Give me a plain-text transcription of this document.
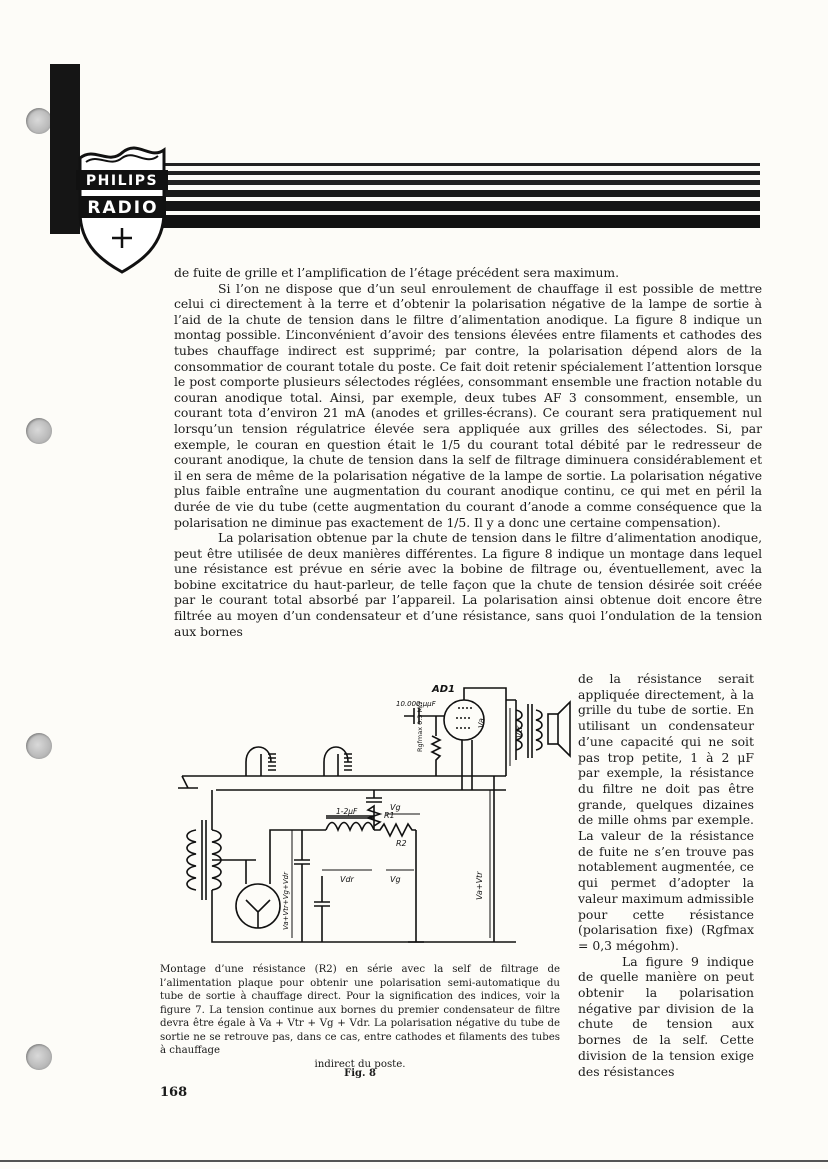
PHILIPS
RADIO

de fuite de grille et l’amplification de l’étage précédent sera maximum.

Si l’on ne dispose que d’un seul enroulement de chauffage il est possible de mettre celui ci directement à la terre et d’obtenir la polarisation négative de la lampe de sortie à l’aid de la chute de tension dans le filtre d’alimentation anodique. La figure 8 indique un montag possible. L’inconvénient d’avoir des tensions élevées entre filaments et cathodes des tubes chauffage indirect est supprimé; par contre, la polarisation dépend alors de la consommatior de courant totale du poste. Ce fait doit retenir spécialement l’attention lorsque le post comporte plusieurs sélectodes réglées, consommant ensemble une fraction notable du couran anodique total. Ainsi, par exemple, deux tubes AF 3 consomment, ensemble, un courant tota d’environ 21 mA (anodes et grilles-écrans). Ce courant sera pratiquement nul lorsqu’un tension régulatrice élevée sera appliquée aux grilles des sélectodes. Si, par exemple, le couran en question était le 1/5 du courant total débité par le redresseur de courant anodique, la chute de tension dans la self de filtrage diminuera considérablement et il en sera de même de la polarisation négative de la lampe de sortie. La polarisation négative plus faible entraîne une augmentation du courant anodique continu, ce qui met en péril la durée de vie du tube (cette augmentation du courant d’anode a comme conséquence que la polarisation ne diminue pas exactement de 1/5. Il y a donc une certaine compensation).

La polarisation obtenue par la chute de tension dans le filtre d’alimentation anodique, peut être utilisée de deux manières différentes. La figure 8 indique un montage dans lequel une résistance est prévue en série avec la bobine de filtrage ou, éventuellement, avec la bobine excitatrice du haut-parleur, de telle façon que la chute de tension désirée soit créée par le courant total absorbé par l’appareil. La polarisation ainsi obtenue doit encore être filtrée au moyen d’un condensateur et d’une résistance, sans quoi l’ondulation de la tension aux bornes

de la résistance serait appliquée directement, à la grille du tube de sortie. En utilisant un condensateur d’une capacité qui ne soit pas trop petite, 1 à 2 μF par exemple, la résistance du filtre ne doit pas être grande, quelques dizaines de mille ohms par exemple. La valeur de la résistance de fuite ne s’en trouve pas notablement augmentée, ce qui permet d’adopter la valeur maximum admissible pour cette résistance (polarisation fixe) (Rgfmax = 0,3 mégohm).

La figure 9 indique de quelle manière on peut obtenir la polarisation négative par division de la chute de tension aux bornes de la self. Cette division de la tension exige des résistances

AD1
10.000 μμF
Rgfmax 0.3 MΩ	Va
Vtr
1-2μF	Vg
R1
R2
Vdr	Vg
Va+Vtr+Vg+Vdr	Va+Vtr
Montage d’une résistance (R2) en série avec la self de filtrage de l’alimentation plaque pour obtenir une polarisation semi-automatique du tube de sortie à chauffage direct. Pour la signification des indices, voir la figure 7. La tension continue aux bornes du premier condensateur de filtre devra être égale à Va + Vtr + Vg + Vdr. La polarisation négative du tube de sortie ne se retrouve pas, dans ce cas, entre cathodes et filaments des tubes à chauffage
indirect du poste.
Fig. 8
168
